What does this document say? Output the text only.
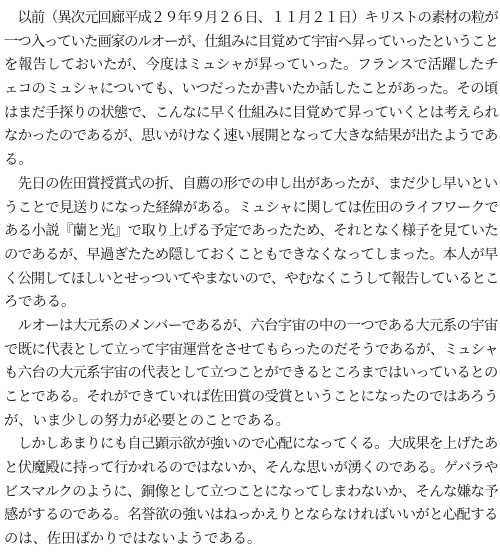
　以前（異次元回廊平成２９年９月２６日、１１月２１日）キリストの素材の粒が
一つ入っていた画家のルオーが、仕組みに目覚めて宇宙へ昇っていったということ
を報告しておいたが、今度はミュシャが昇っていった。フランスで活躍したチ
ェコのミュシャについても、いつだったか書いたか話したことがあった。その頃
はまだ手探りの状態で、こんなに早く仕組みに目覚めて昇っていくとは考えられ
なかったのであるが、思いがけなく速い展開となって大きな結果が出たようであ
る。
　先日の佐田賞授賞式の折、自薦の形での申し出があったが、まだ少し早いとい
うことで見送りになった経緯がある。ミュシャに関しては佐田のライフワークで
ある小説『蘭と光』で取り上げる予定であったため、それとなく様子を見ていた
のであるが、早過ぎたため隠しておくこともできなくなってしまった。本人が早
く公開してほしいとせっついてやまないので、やむなくこうして報告しているとこ
ろである。
　ルオーは大元系のメンバーであるが、六台宇宙の中の一つである大元系の宇宙
で既に代表として立って宇宙運営をさせてもらったのだそうであるが、ミュシャ
も六台の大元系宇宙の代表として立つことができるところまではいっているとの
ことである。それができていれば佐田賞の受賞ということになったのではあろう
が、いま少しの努力が必要とのことである。
　しかしあまりにも自己顕示欲が強いので心配になってくる。大成果を上げたあ
と伏魔殿に持って行かれるのではないか、そんな思いが湧くのである。ゲバラや
ビスマルクのように、銅像として立つことになってしまわないか、そんな嫌な予
感がするのである。名誉欲の強いはねっかえりとならなければいいがと心配する
のは、佐田ばかりではないようである。
